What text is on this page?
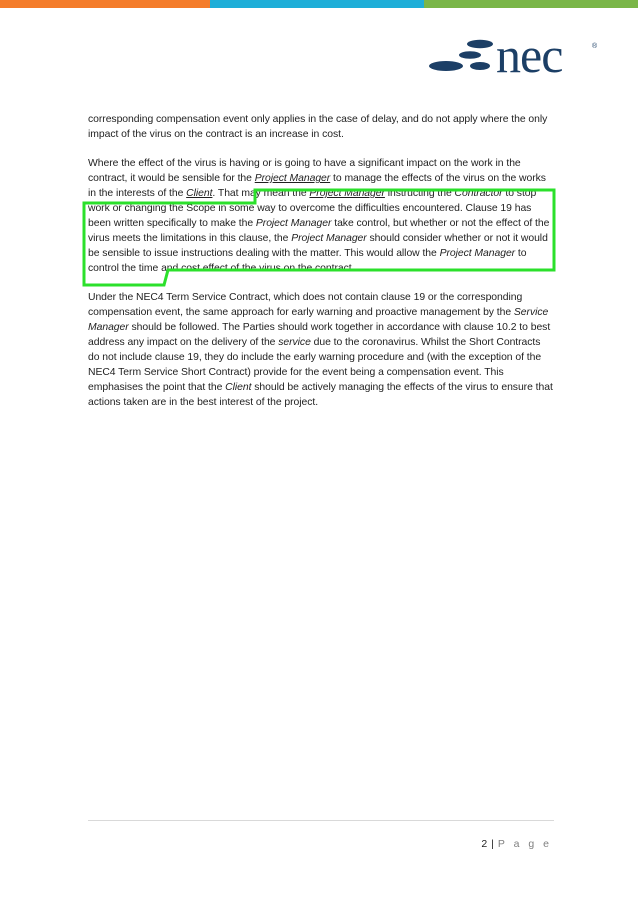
nec	®

corresponding compensation event only applies in the case of delay, and do not apply where the only impact of the virus on the contract is an increase in cost.

Where the effect of the virus is having or is going to have a significant impact on the work in the contract, it would be sensible for the Project Manager to manage the effects of the virus on the works in the interests of the Client. That may mean the Project Manager instructing the Contractor to stop work or changing the Scope in some way to overcome the difficulties encountered. Clause 19 has been written specifically to make the Project Manager take control, but whether or not the effect of the virus meets the limitations in this clause, the Project Manager should consider whether or not it would be sensible to issue instructions dealing with the matter. This would allow the Project Manager to control the time and cost effect of the virus on the contract.

Under the NEC4 Term Service Contract, which does not contain clause 19 or the corresponding compensation event, the same approach for early warning and proactive management by the Service Manager should be followed. The Parties should work together in accordance with clause 10.2 to best address any impact on the delivery of the service due to the coronavirus. Whilst the Short Contracts do not include clause 19, they do include the early warning procedure and (with the exception of the NEC4 Term Service Short Contract) provide for the event being a compensation event. This emphasises the point that the Client should be actively managing the effects of the virus to ensure that actions taken are in the best interest of the project.

2 | P a g e
